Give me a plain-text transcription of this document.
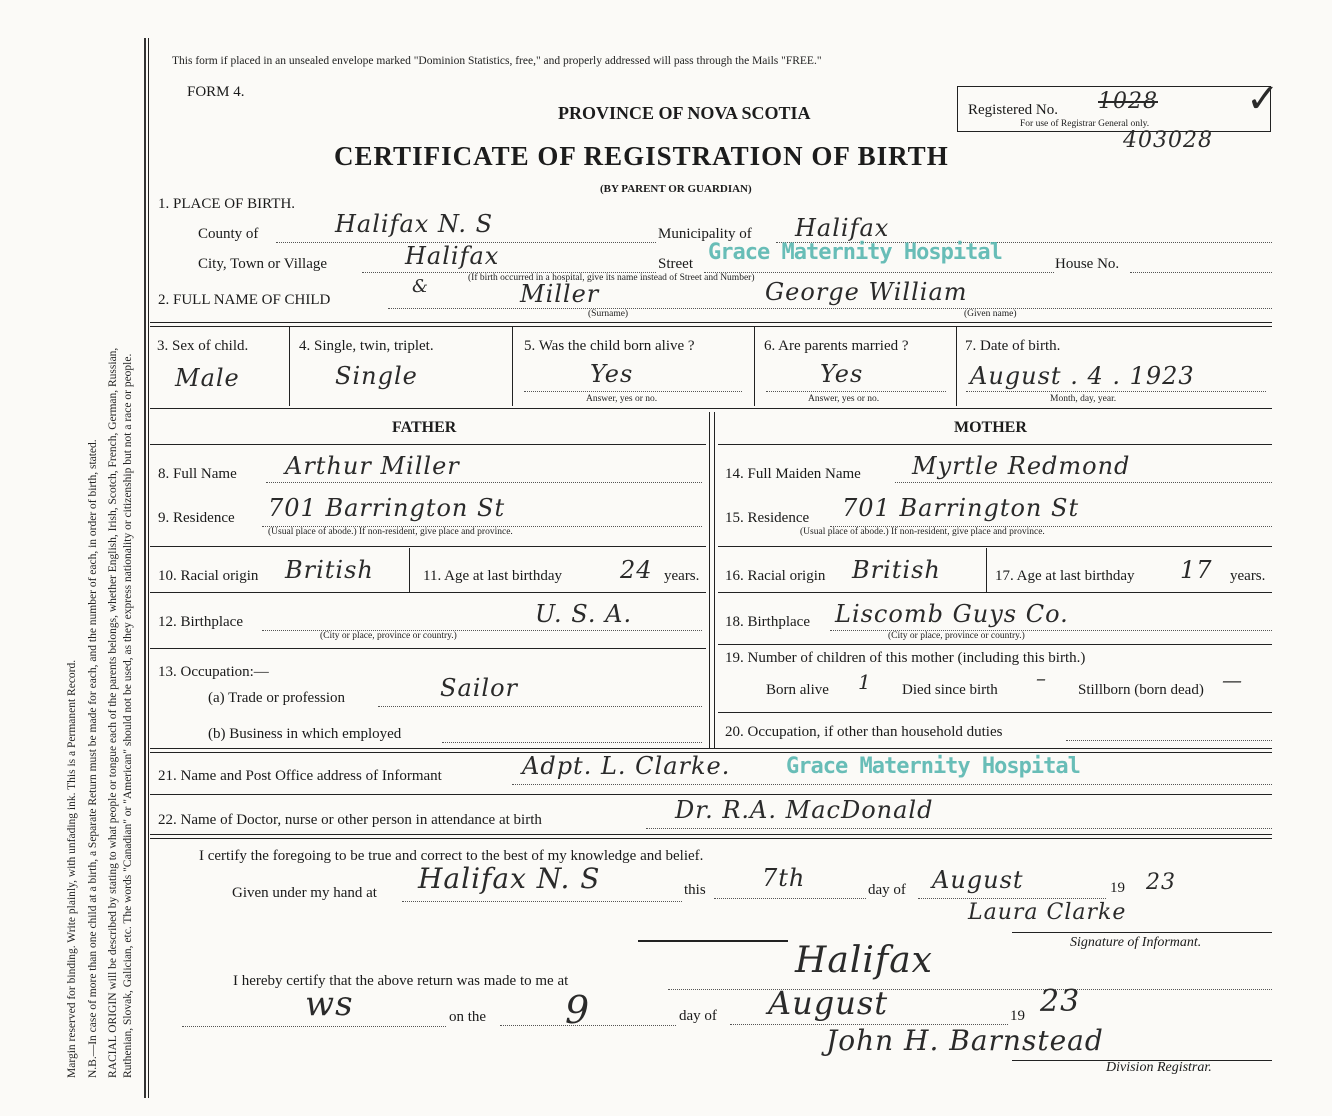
Margin reserved for binding. Write plainly, with unfading ink. This is a Permanent Record. N.B.—In case of more than one child at a birth, a Separate Return must be made for each, and the number of each, in order of birth, stated. RACIAL ORIGIN will be described by stating to what people or tongue each of the parents belongs, whether English, Irish, Scotch, French, German, Russian, Ruthenian, Slovak, Galician, etc. The words "Canadian" or "American" should not be used, as they express nationality or citizenship but not a race or people.
This form if placed in an unsealed envelope marked "Dominion Statistics, free," and properly addressed will pass through the Mails "FREE."
FORM 4.
PROVINCE OF NOVA SCOTIA
CERTIFICATE OF REGISTRATION OF BIRTH
(BY PARENT OR GUARDIAN)
Registered No. 1028
For use of Registrar General only.
✓
403028
1. PLACE OF BIRTH.
County of	Halifax N. S	Municipality of Halifax
City, Town or Village	Halifax	Street Grace Maternity Hospital	House No.
(If birth occurred in a hospital, give its name instead of Street and Number)
2. FULL NAME OF CHILD
&	Miller
(Surname)
George William
(Given name)
3. Sex of child.
Male
4. Single, twin, triplet.
Single
5. Was the child born alive ?
Yes
Answer, yes or no.
6. Are parents married ?
Yes
Answer, yes or no.
7. Date of birth.
August . 4 . 1923
Month, day, year.
FATHER	MOTHER
8. Full Name Arthur Miller
9. Residence 701 Barrington St
(Usual place of abode.) If non-resident, give place and province.
10. Racial origin British	11. Age at last birthday 24 years.
12. Birthplace	U. S. A.
(City or place, province or country.)
13. Occupation:—
(a) Trade or profession	Sailor
(b) Business in which employed
14. Full Maiden Name Myrtle Redmond
15. Residence 701 Barrington St
(Usual place of abode.) If non-resident, give place and province.
16. Racial origin British	17. Age at last birthday 17 years.
18. Birthplace Liscomb Guys Co.
(City or place, province or country.)
19. Number of children of this mother (including this birth.)
Born alive 1 Died since birth – Stillborn (born dead) —
20. Occupation, if other than household duties
21. Name and Post Office address of Informant	Adpt. L. Clarke.	Grace Maternity Hospital
22. Name of Doctor, nurse or other person in attendance at birth	Dr. R.A. MacDonald
I certify the foregoing to be true and correct to the best of my knowledge and belief.
Given under my hand at Halifax N. S	this 7th	day of August	19 23
Laura Clarke
Signature of Informant.
I hereby certify that the above return was made to me at	Halifax
ws	on the 9	day of August	19 23
John H. Barnstead
Division Registrar.
